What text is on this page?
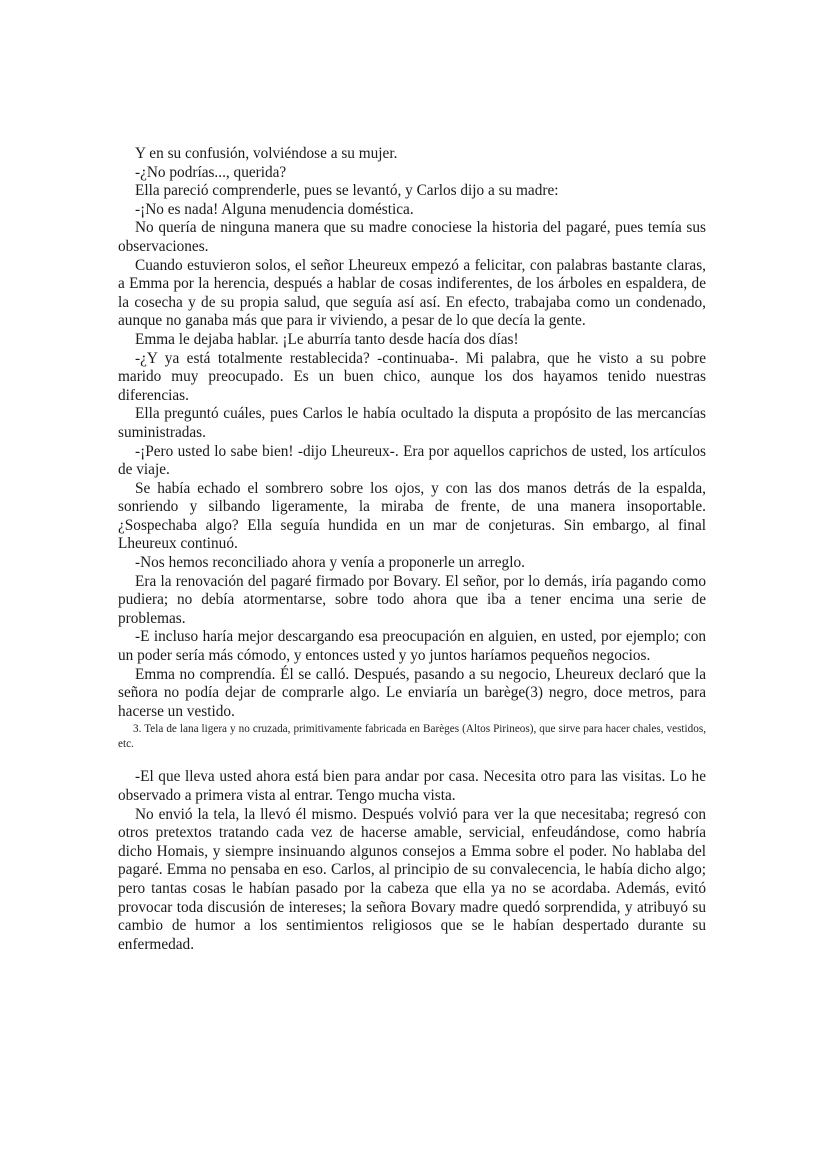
Y en su confusión, volviéndose a su mujer.

-¿No podrías..., querida?

Ella pareció comprenderle, pues se levantó, y Carlos dijo a su madre:

-¡No es nada! Alguna menudencia doméstica.

No quería de ninguna manera que su madre conociese la historia del pagaré, pues temía sus observaciones.

Cuando estuvieron solos, el señor Lheureux empezó a felicitar, con palabras bastante claras, a Emma por la herencia, después a hablar de cosas indiferentes, de los árboles en espaldera, de la cosecha y de su propia salud, que seguía así así. En efecto, trabajaba como un condenado, aunque no ganaba más que para ir viviendo, a pesar de lo que decía la gente.

Emma le dejaba hablar. ¡Le aburría tanto desde hacía dos días!

-¿Y ya está totalmente restablecida? -continuaba-. Mi palabra, que he visto a su pobre marido muy preocupado. Es un buen chico, aunque los dos hayamos tenido nuestras diferencias.

Ella preguntó cuáles, pues Carlos le había ocultado la disputa a propósito de las mercancías suministradas.

-¡Pero usted lo sabe bien! -dijo Lheureux-. Era por aquellos caprichos de usted, los artículos de viaje.

Se había echado el sombrero sobre los ojos, y con las dos manos detrás de la espalda, sonriendo y silbando ligeramente, la miraba de frente, de una manera insoportable. ¿Sospechaba algo? Ella seguía hundida en un mar de conjeturas. Sin embargo, al final Lheureux continuó.

-Nos hemos reconciliado ahora y venía a proponerle un arreglo.

Era la renovación del pagaré firmado por Bovary. El señor, por lo demás, iría pagando como pudiera; no debía atormentarse, sobre todo ahora que iba a tener encima una serie de problemas.

-E incluso haría mejor descargando esa preocupación en alguien, en usted, por ejemplo; con un poder sería más cómodo, y entonces usted y yo juntos haríamos pequeños negocios.

Emma no comprendía. Él se calló. Después, pasando a su negocio, Lheureux declaró que la señora no podía dejar de comprarle algo. Le enviaría un barège(3) negro, doce metros, para hacerse un vestido.

3. Tela de lana ligera y no cruzada, primitivamente fabricada en Barèges (Altos Pirineos), que sirve para hacer chales, vestidos, etc.

-El que lleva usted ahora está bien para andar por casa. Necesita otro para las visitas. Lo he observado a primera vista al entrar. Tengo mucha vista.

No envió la tela, la llevó él mismo. Después volvió para ver la que necesitaba; regresó con otros pretextos tratando cada vez de hacerse amable, servicial, enfeudándose, como habría dicho Homais, y siempre insinuando algunos consejos a Emma sobre el poder. No hablaba del pagaré. Emma no pensaba en eso. Carlos, al principio de su convalecencia, le había dicho algo; pero tantas cosas le habían pasado por la cabeza que ella ya no se acordaba. Además, evitó provocar toda discusión de intereses; la señora Bovary madre quedó sorprendida, y atribuyó su cambio de humor a los sentimientos religiosos que se le habían despertado durante su enfermedad.
